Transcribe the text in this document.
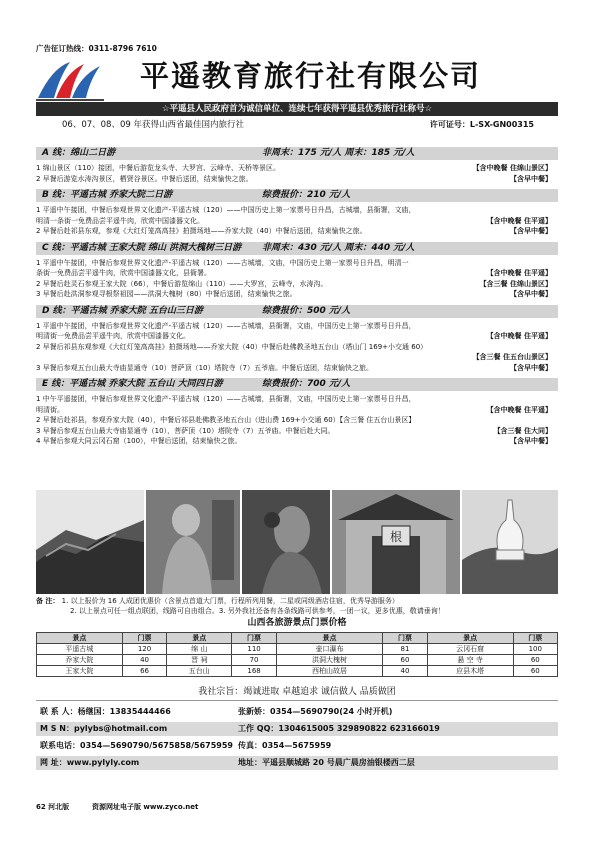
广告征订热线：0311-8796 7610
平遥教育旅行社有限公司
☆平遥县人民政府首为诚信单位、连续七年获得平遥县优秀旅行社称号☆
06、07、08、09 年获得山西省最佳国内旅行社	许可证号：L-SX-GN00315
A 线：绵山二日游	非周末：175 元/人 周末：185 元/人
1 绵山景区（110）接团，中餐后游览龙头寺、大罗宫、云峰寺、天桥等景区。	【含中晚餐 住绵山景区】
2 早餐后游览水涛沟景区，栖贤谷景区。中餐后送团，结束愉快之旅。	【含早中餐】
B 线：平遥古城 乔家大院二日游	综费报价：210 元/人
1 平遥中午接团，中餐后参观世界文化遗产-平遥古城（120）——中国历史上第一家票号日升昌，古城墙，县衙署，文庙，
明清一条街一免费品尝平遥牛肉，欣赏中国漆器文化。	【含中晚餐 住平遥】
2 早餐后赴祁县东观，参观《大红灯笼高高挂》拍摄场地——乔家大院（40）中餐后送团，结束愉快之旅。	【含早中餐】
C 线：平遥古城 王家大院 绵山 洪洞大槐树三日游 非周末：430 元/人 周末：440 元/人
1 平遥中午接团，中餐后参观世界文化遗产-平遥古城（120）——古城墙，文庙，中国历史上第一家票号日升昌，明清一
条街一免费品尝平遥牛肉，欣赏中国漆器文化，县衙署。	【含中晚餐 住平遥】
2 早餐后赴灵石参观王家大院（66），中餐后游览绵山（110）——大罗宫，云峰寺，水涛沟。	【含三餐 住绵山景区】
3 早餐后赴洪洞参观寻根祭祖园——洪洞大槐树（80）中餐后送团，结束愉快之旅。	【含早中餐】
D 线：平遥古城 乔家大院 五台山三日游	综费报价：500 元/人
1 平遥中午接团，中餐后参观世界文化遗产-平遥古城（120）——古城墙，县衙署，文庙，中国历史上第一家票号日升昌，
明清街一免费品尝平遥牛肉，欣赏中国漆器文化。	【含中晚餐 住平遥】
2 早餐后祁县东观参观《大红灯笼高高挂》拍摄场地——乔家大院（40）中餐后赴佛教圣地五台山（塔山门 169+小交通 60）
【含三餐 住五台山景区】
3 早餐后参观五台山最大寺庙显通寺（10）菩萨顶（10）塔院寺（7）五爷庙。中餐后送团，结束愉快之旅。	【含早中餐】
E 线：平遥古城 乔家大院 五台山 大同四日游	综费报价：700 元/人
1 中午平遥接团，中餐后参观世界文化遗产-平遥古城（120）——古城墙，县衙署，文庙，中国历史上第一家票号日升昌，
明清街。	【含中晚餐 住平遥】
2 早餐后赴祁县，参观乔家大院（40），中餐后祁县赴佛教圣地五台山（进山费 169+小交通 60）【含三餐 住五台山景区】
3 早餐后参观五台山最大寺庙显通寺（10），菩萨顶（10）塔院寺（7）五爷庙。中餐后赴大同。	【含三餐 住大同】
4 早餐后参观大同云冈石窟（100），中餐后送团，结束愉快之旅。	【含早中餐】
根
备 注： 1. 以上报价为 16 人成团优惠价（含景点首道大门票，行程所列用餐，二星或同级酒店住宿，优秀导游服务）
2. 以上景点可任一组点联团，线路可自由组合。3. 另外我社还备有各条线路可供参考，一团一议，更多优惠，敬请垂询！
山西各旅游景点门票价格
景点	门票	景点	门票	景点	门票	景点	门票
平遥古城	120	绵 山	110	壶口瀑布	81	云冈石窟	100
乔家大院	40	晋 祠	70	洪洞大槐树	60	悬 空 寺	60
王家大院	66	五台山	168	西柏山故居	40	应县木塔	60
我社宗旨：竭诚进取 卓越追求 诚信做人 品质做团
联 系 人：杨继国：13835444466	张新娇：0354—5690790(24 小时开机)
M S N：pylybs@hotmail.com	工作 QQ：1304615005 329890822 623166019
联系电话：0354—5690790/5675858/5675959 传真：0354—5675959
网 址：www.pylyly.com	地址：平遥县顺城路 20 号晨广晨房油银楼西二层
62 河北版	资源网址电子版 www.zyco.net
